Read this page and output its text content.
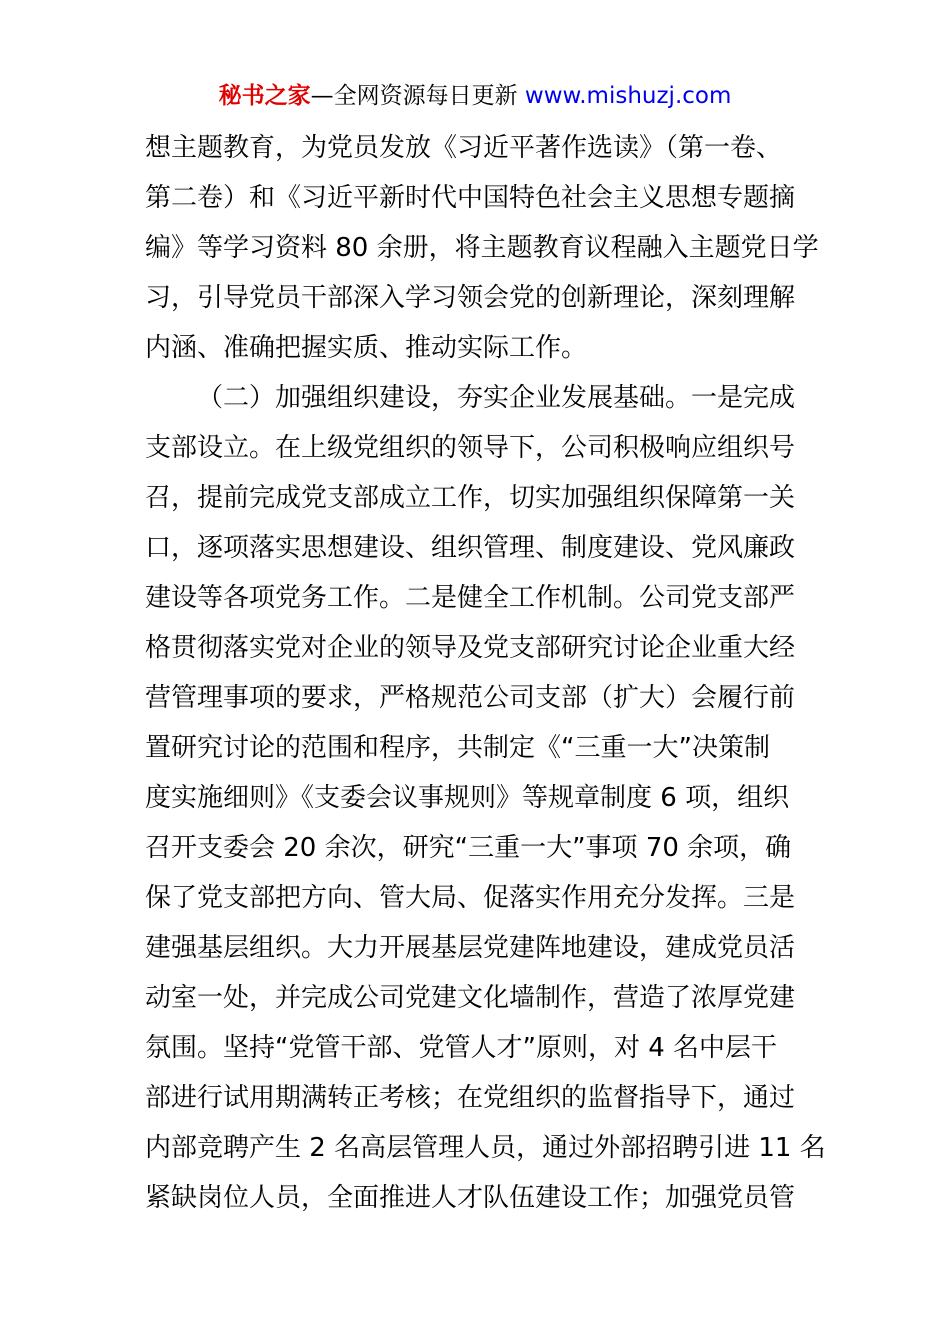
秘书之家—全网资源每日更新 www.mishuzj.com
想主题教育，为党员发放《习近平著作选读》（第一卷、
第二卷）和《习近平新时代中国特色社会主义思想专题摘
编》等学习资料 80 余册，将主题教育议程融入主题党日学
习，引导党员干部深入学习领会党的创新理论，深刻理解
内涵、准确把握实质、推动实际工作。
（二）加强组织建设，夯实企业发展基础。一是完成
支部设立。在上级党组织的领导下，公司积极响应组织号
召，提前完成党支部成立工作，切实加强组织保障第一关
口，逐项落实思想建设、组织管理、制度建设、党风廉政
建设等各项党务工作。二是健全工作机制。公司党支部严
格贯彻落实党对企业的领导及党支部研究讨论企业重大经
营管理事项的要求，严格规范公司支部（扩大）会履行前
置研究讨论的范围和程序，共制定《“三重一大”决策制
度实施细则》《支委会议事规则》等规章制度 6 项，组织
召开支委会 20 余次，研究“三重一大”事项 70 余项，确
保了党支部把方向、管大局、促落实作用充分发挥。三是
建强基层组织。大力开展基层党建阵地建设，建成党员活
动室一处，并完成公司党建文化墙制作，营造了浓厚党建
氛围。坚持“党管干部、党管人才”原则，对 4 名中层干
部进行试用期满转正考核；在党组织的监督指导下，通过
内部竞聘产生 2 名高层管理人员，通过外部招聘引进 11 名
紧缺岗位人员，全面推进人才队伍建设工作；加强党员管
